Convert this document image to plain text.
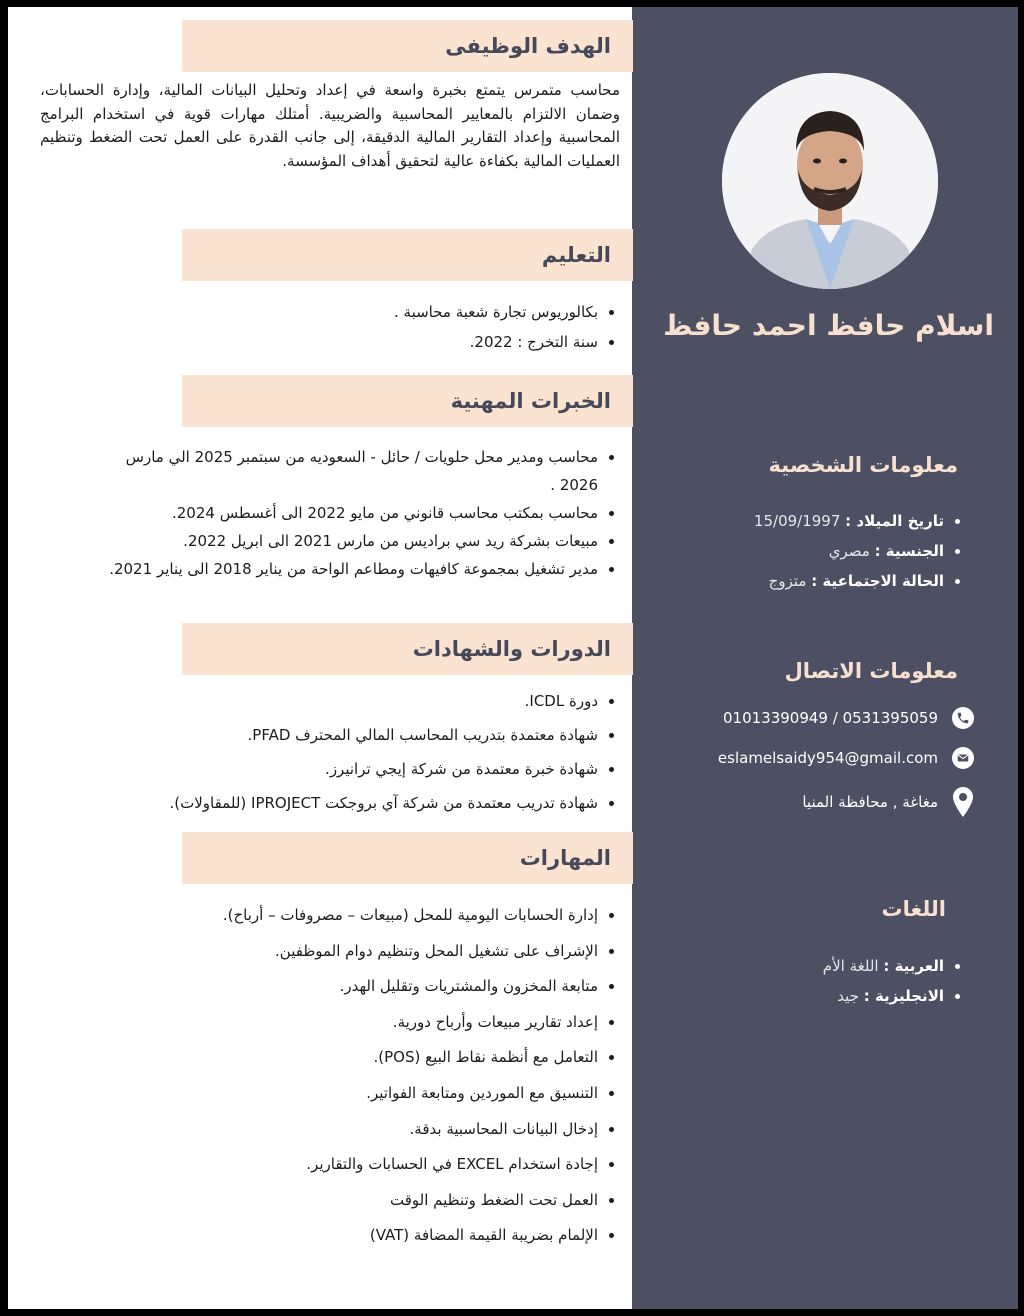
اسلام حافظ احمد حافظ
معلومات الشخصية
• تاريخ الميلاد : 15/09/1997
• الجنسية : مصري
• الحالة الاجتماعية : متزوج
معلومات الاتصال
0531395059 / 01013390949
eslamelsaidy954@gmail.com
مغاغة , محافظة المنيا
اللغات
• العربية : اللغة الأم
• الانجليزية : جيد
الهدف الوظيفى

محاسب متمرس يتمتع بخبرة واسعة في إعداد وتحليل البيانات المالية، وإدارة الحسابات، وضمان الالتزام بالمعايير المحاسبية والضريبية. أمتلك مهارات قوية في استخدام البرامج المحاسبية وإعداد التقارير المالية الدقيقة، إلى جانب القدرة على العمل تحت الضغط وتنظيم العمليات المالية بكفاءة عالية لتحقيق أهداف المؤسسة.

التعليم
• بكالوريوس تجارة شعبة محاسبة .
• سنة التخرج : 2022.
الخبرات المهنية
• محاسب ومدير محل حلويات / حائل - السعوديه من سبتمبر 2025 الي مارس 2026 .
• محاسب بمكتب محاسب قانوني من مايو 2022 الى أغسطس 2024.
• مبيعات بشركة ريد سي براديس من مارس 2021 الى ابريل 2022.
• مدير تشغيل بمجموعة كافيهات ومطاعم الواحة من يناير 2018 الى يناير 2021.
الدورات والشهادات
• دورة ICDL.
• شهادة معتمدة بتدريب المحاسب المالي المحترف PFAD.
• شهادة خبرة معتمدة من شركة إيجي ترانيرز.
• شهادة تدريب معتمدة من شركة آي بروجكت IPROJECT (للمقاولات).
المهارات
• إدارة الحسابات اليومية للمحل (مبيعات – مصروفات – أرباح).
• الإشراف على تشغيل المحل وتنظيم دوام الموظفين.
• متابعة المخزون والمشتريات وتقليل الهدر.
• إعداد تقارير مبيعات وأرباح دورية.
• التعامل مع أنظمة نقاط البيع (POS).
• التنسيق مع الموردين ومتابعة الفواتير.
• إدخال البيانات المحاسبية بدقة.
• إجادة استخدام EXCEL في الحسابات والتقارير.
• العمل تحت الضغط وتنظيم الوقت
• الإلمام بضريبة القيمة المضافة (VAT)
